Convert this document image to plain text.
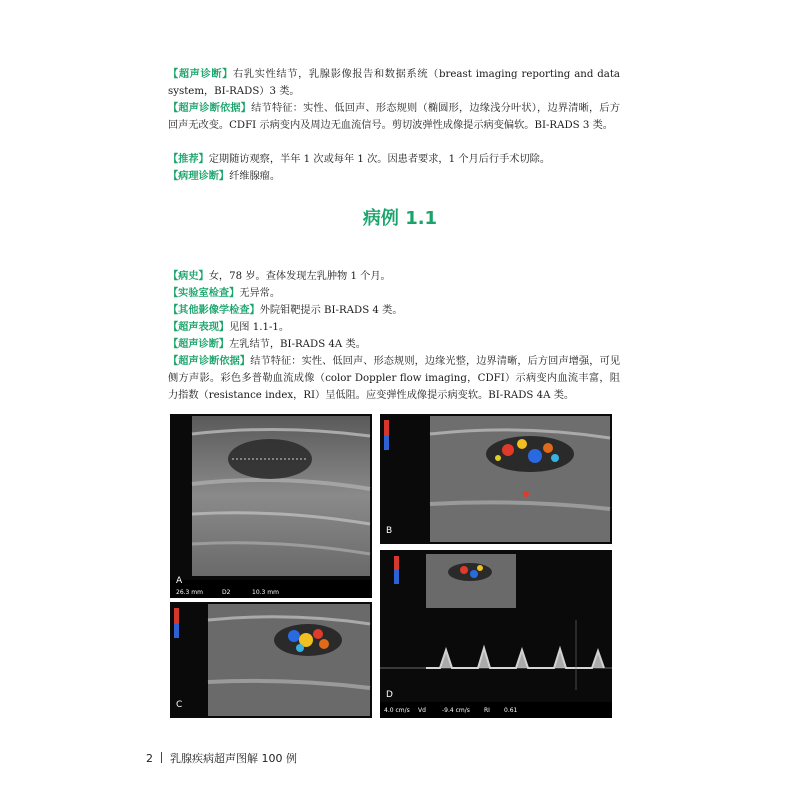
【超声诊断】右乳实性结节，乳腺影像报告和数据系统（breast imaging reporting and data system，BI-RADS）3 类。
【超声诊断依据】结节特征：实性、低回声、形态规则（椭圆形，边缘浅分叶状），边界清晰，后方回声无改变。CDFI 示病变内及周边无血流信号。剪切波弹性成像提示病变偏软。BI-RADS 3 类。
【推荐】定期随访观察，半年 1 次或每年 1 次。因患者要求，1 个月后行手术切除。
【病理诊断】纤维腺瘤。
病例 1.1
【病史】女，78 岁。查体发现左乳肿物 1 个月。
【实验室检查】无异常。
【其他影像学检查】外院钼靶提示 BI-RADS 4 类。
【超声表现】见图 1.1-1。
【超声诊断】左乳结节，BI-RADS 4A 类。
【超声诊断依据】结节特征：实性、低回声、形态规则，边缘光整，边界清晰，后方回声增强，可见侧方声影。彩色多普勒血流成像（color Doppler flow imaging，CDFI）示病变内血流丰富，阻力指数（resistance index，RI）呈低阻。应变弹性成像提示病变软。BI-RADS 4A 类。
A
26.3 mm	D2	10.3 mm
B
C
D
4.0 cm/s Vd	-9.4 cm/s RI 0.61
2 乳腺疾病超声图解 100 例
